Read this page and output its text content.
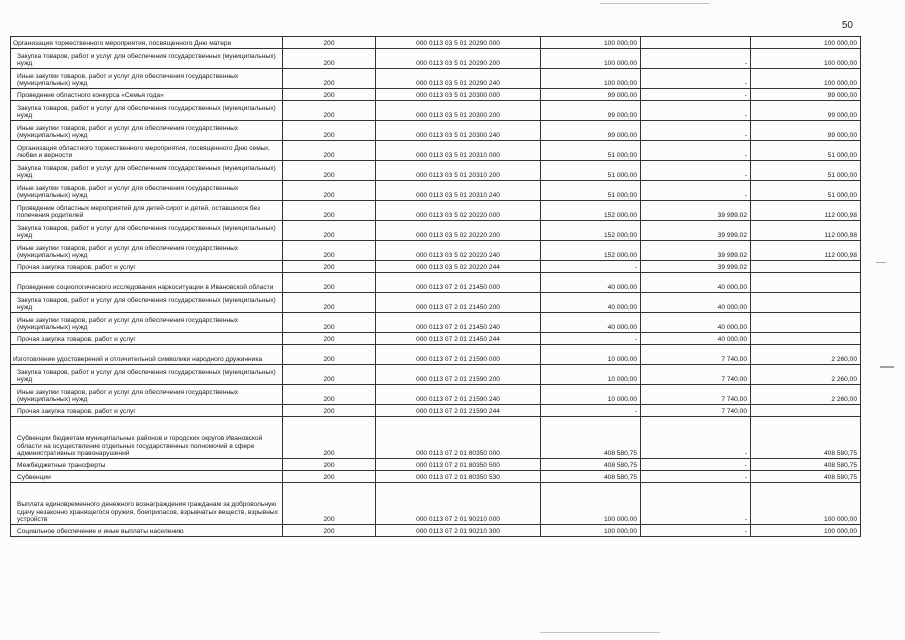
50
Организация торжественного мероприятия, посвященного Дню матери	200	000 0113 03 5 01 20290 000	100 000,00		100 000,00
Закупка товаров, работ и услуг для обеспечения государственных (муниципальных) нужд	200	000 0113 03 5 01 20290 200	100 000,00	-	100 000,00
Иные закупки товаров, работ и услуг для обеспечения государственных (муниципальных) нужд	200	000 0113 03 5 01 20290 240	100 000,00	-	100 000,00
Проведение областного конкурса «Семья года»	200	000 0113 03 5 01 20300 000	99 000,00	-	99 000,00
Закупка товаров, работ и услуг для обеспечения государственных (муниципальных) нужд	200	000 0113 03 5 01 20300 200	99 000,00	-	99 000,00
Иные закупки товаров, работ и услуг для обеспечения государственных (муниципальных) нужд	200	000 0113 03 5 01 20300 240	99 000,00	-	99 000,00
Организация областного торжественного мероприятия, посвященного Дню семьи, любви и верности	200	000 0113 03 5 01 20310 000	51 000,00	-	51 000,00
Закупка товаров, работ и услуг для обеспечения государственных (муниципальных) нужд	200	000 0113 03 5 01 20310 200	51 000,00	-	51 000,00
Иные закупки товаров, работ и услуг для обеспечения государственных (муниципальных) нужд	200	000 0113 03 5 01 20310 240	51 000,00	-	51 000,00
Проведение областных мероприятий для детей-сирот и детей, оставшихся без попечения родителей	200	000 0113 03 5 02 20220 000	152 000,00	39 999,02	112 000,98
Закупка товаров, работ и услуг для обеспечения государственных (муниципальных) нужд	200	000 0113 03 5 02 20220 200	152 000,00	39 999,02	112 000,98
Иные закупки товаров, работ и услуг для обеспечения государственных (муниципальных) нужд	200	000 0113 03 5 02 20220 240	152 000,00	39 999,02	112 000,98
Прочая закупка товаров, работ и услуг	200	000 0113 03 5 02 20220 244	-	39 999,02	
Проведение социологического исследования наркоситуации в Ивановской области	200	000 0113 07 2 01 21450 000	40 000,00	40 000,00	
Закупка товаров, работ и услуг для обеспечения государственных (муниципальных) нужд	200	000 0113 07 2 01 21450 200	40 000,00	40 000,00	
Иные закупки товаров, работ и услуг для обеспечения государственных (муниципальных) нужд	200	000 0113 07 2 01 21450 240	40 000,00	40 000,00	
Прочая закупка товаров, работ и услуг	200	000 0113 07 2 01 21450 244	-	40 000,00	
Изготовление удостоверений и отличительной символики народного дружинника	200	000 0113 07 2 01 21590 000	10 000,00	7 740,00	2 260,00
Закупка товаров, работ и услуг для обеспечения государственных (муниципальных) нужд	200	000 0113 07 2 01 21590 200	10 000,00	7 740,00	2 260,00
Иные закупки товаров, работ и услуг для обеспечения государственных (муниципальных) нужд	200	000 0113 07 2 01 21590 240	10 000,00	7 740,00	2 260,00
Прочая закупка товаров, работ и услуг	200	000 0113 07 2 01 21590 244	-	7 740,00	
Субвенции бюджетам муниципальных районов и городских округов Ивановской области на осуществление отдельных государственных полномочий в сфере административных правонарушений	200	000 0113 07 2 01 80350 000	408 580,75	-	408 580,75
Межбюджетные трансферты	200	000 0113 07 2 01 80350 500	408 580,75	-	408 580,75
Субвенции	200	000 0113 07 2 01 80350 530	408 580,75	-	408 580,75
Выплата единовременного денежного вознаграждения гражданам за добровольную сдачу незаконно хранящегося оружия, боеприпасов, взрывчатых веществ, взрывных устройств	200	000 0113 07 2 01 90210 000	100 000,00	-	100 000,00
Социальное обеспечение и иные выплаты населению	200	000 0113 07 2 01 90210 300	100 000,00	-	100 000,00
